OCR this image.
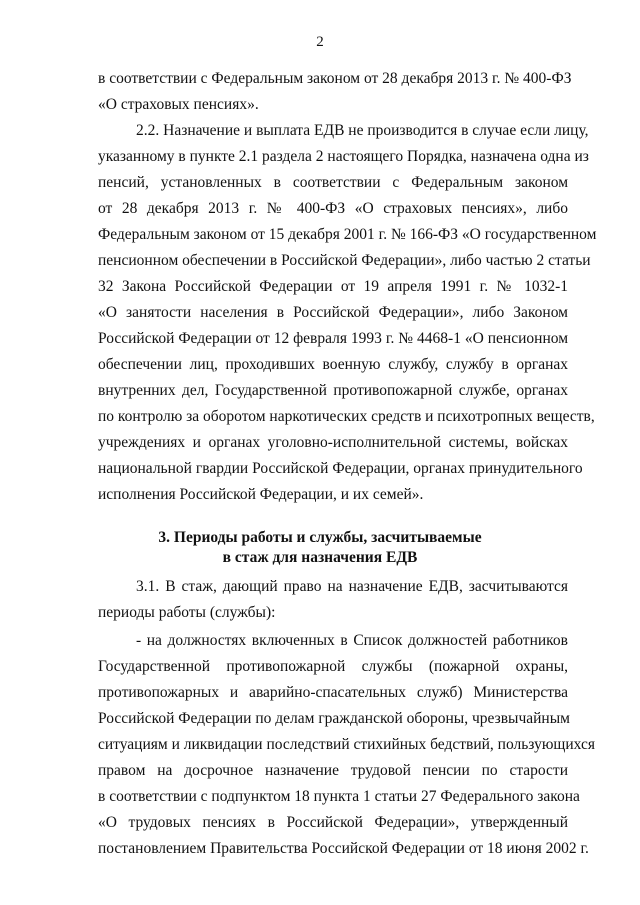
2
в соответствии с Федеральным законом от 28 декабря 2013 г. № 400-ФЗ
«О страховых пенсиях».
2.2. Назначение и выплата ЕДВ не производится в случае если лицу,
указанному в пункте 2.1 раздела 2 настоящего Порядка, назначена одна из
пенсий, установленных в соответствии с Федеральным законом
от 28 декабря 2013 г. № 400-ФЗ «О страховых пенсиях», либо
Федеральным законом от 15 декабря 2001 г. № 166-ФЗ «О государственном
пенсионном обеспечении в Российской Федерации», либо частью 2 статьи
32 Закона Российской Федерации от 19 апреля 1991 г. № 1032-1
«О занятости населения в Российской Федерации», либо Законом
Российской Федерации от 12 февраля 1993 г. № 4468-1 «О пенсионном
обеспечении лиц, проходивших военную службу, службу в органах
внутренних дел, Государственной противопожарной службе, органах
по контролю за оборотом наркотических средств и психотропных веществ,
учреждениях и органах уголовно-исполнительной системы, войсках
национальной гвардии Российской Федерации, органах принудительного
исполнения Российской Федерации, и их семей».
3. Периоды работы и службы, засчитываемые
в стаж для назначения ЕДВ
3.1. В стаж, дающий право на назначение ЕДВ, засчитываются
периоды работы (службы):
- на должностях включенных в Список должностей работников
Государственной противопожарной службы (пожарной охраны,
противопожарных и аварийно-спасательных служб) Министерства
Российской Федерации по делам гражданской обороны, чрезвычайным
ситуациям и ликвидации последствий стихийных бедствий, пользующихся
правом на досрочное назначение трудовой пенсии по старости
в соответствии с подпунктом 18 пункта 1 статьи 27 Федерального закона
«О трудовых пенсиях в Российской Федерации», утвержденный
постановлением Правительства Российской Федерации от 18 июня 2002 г.
